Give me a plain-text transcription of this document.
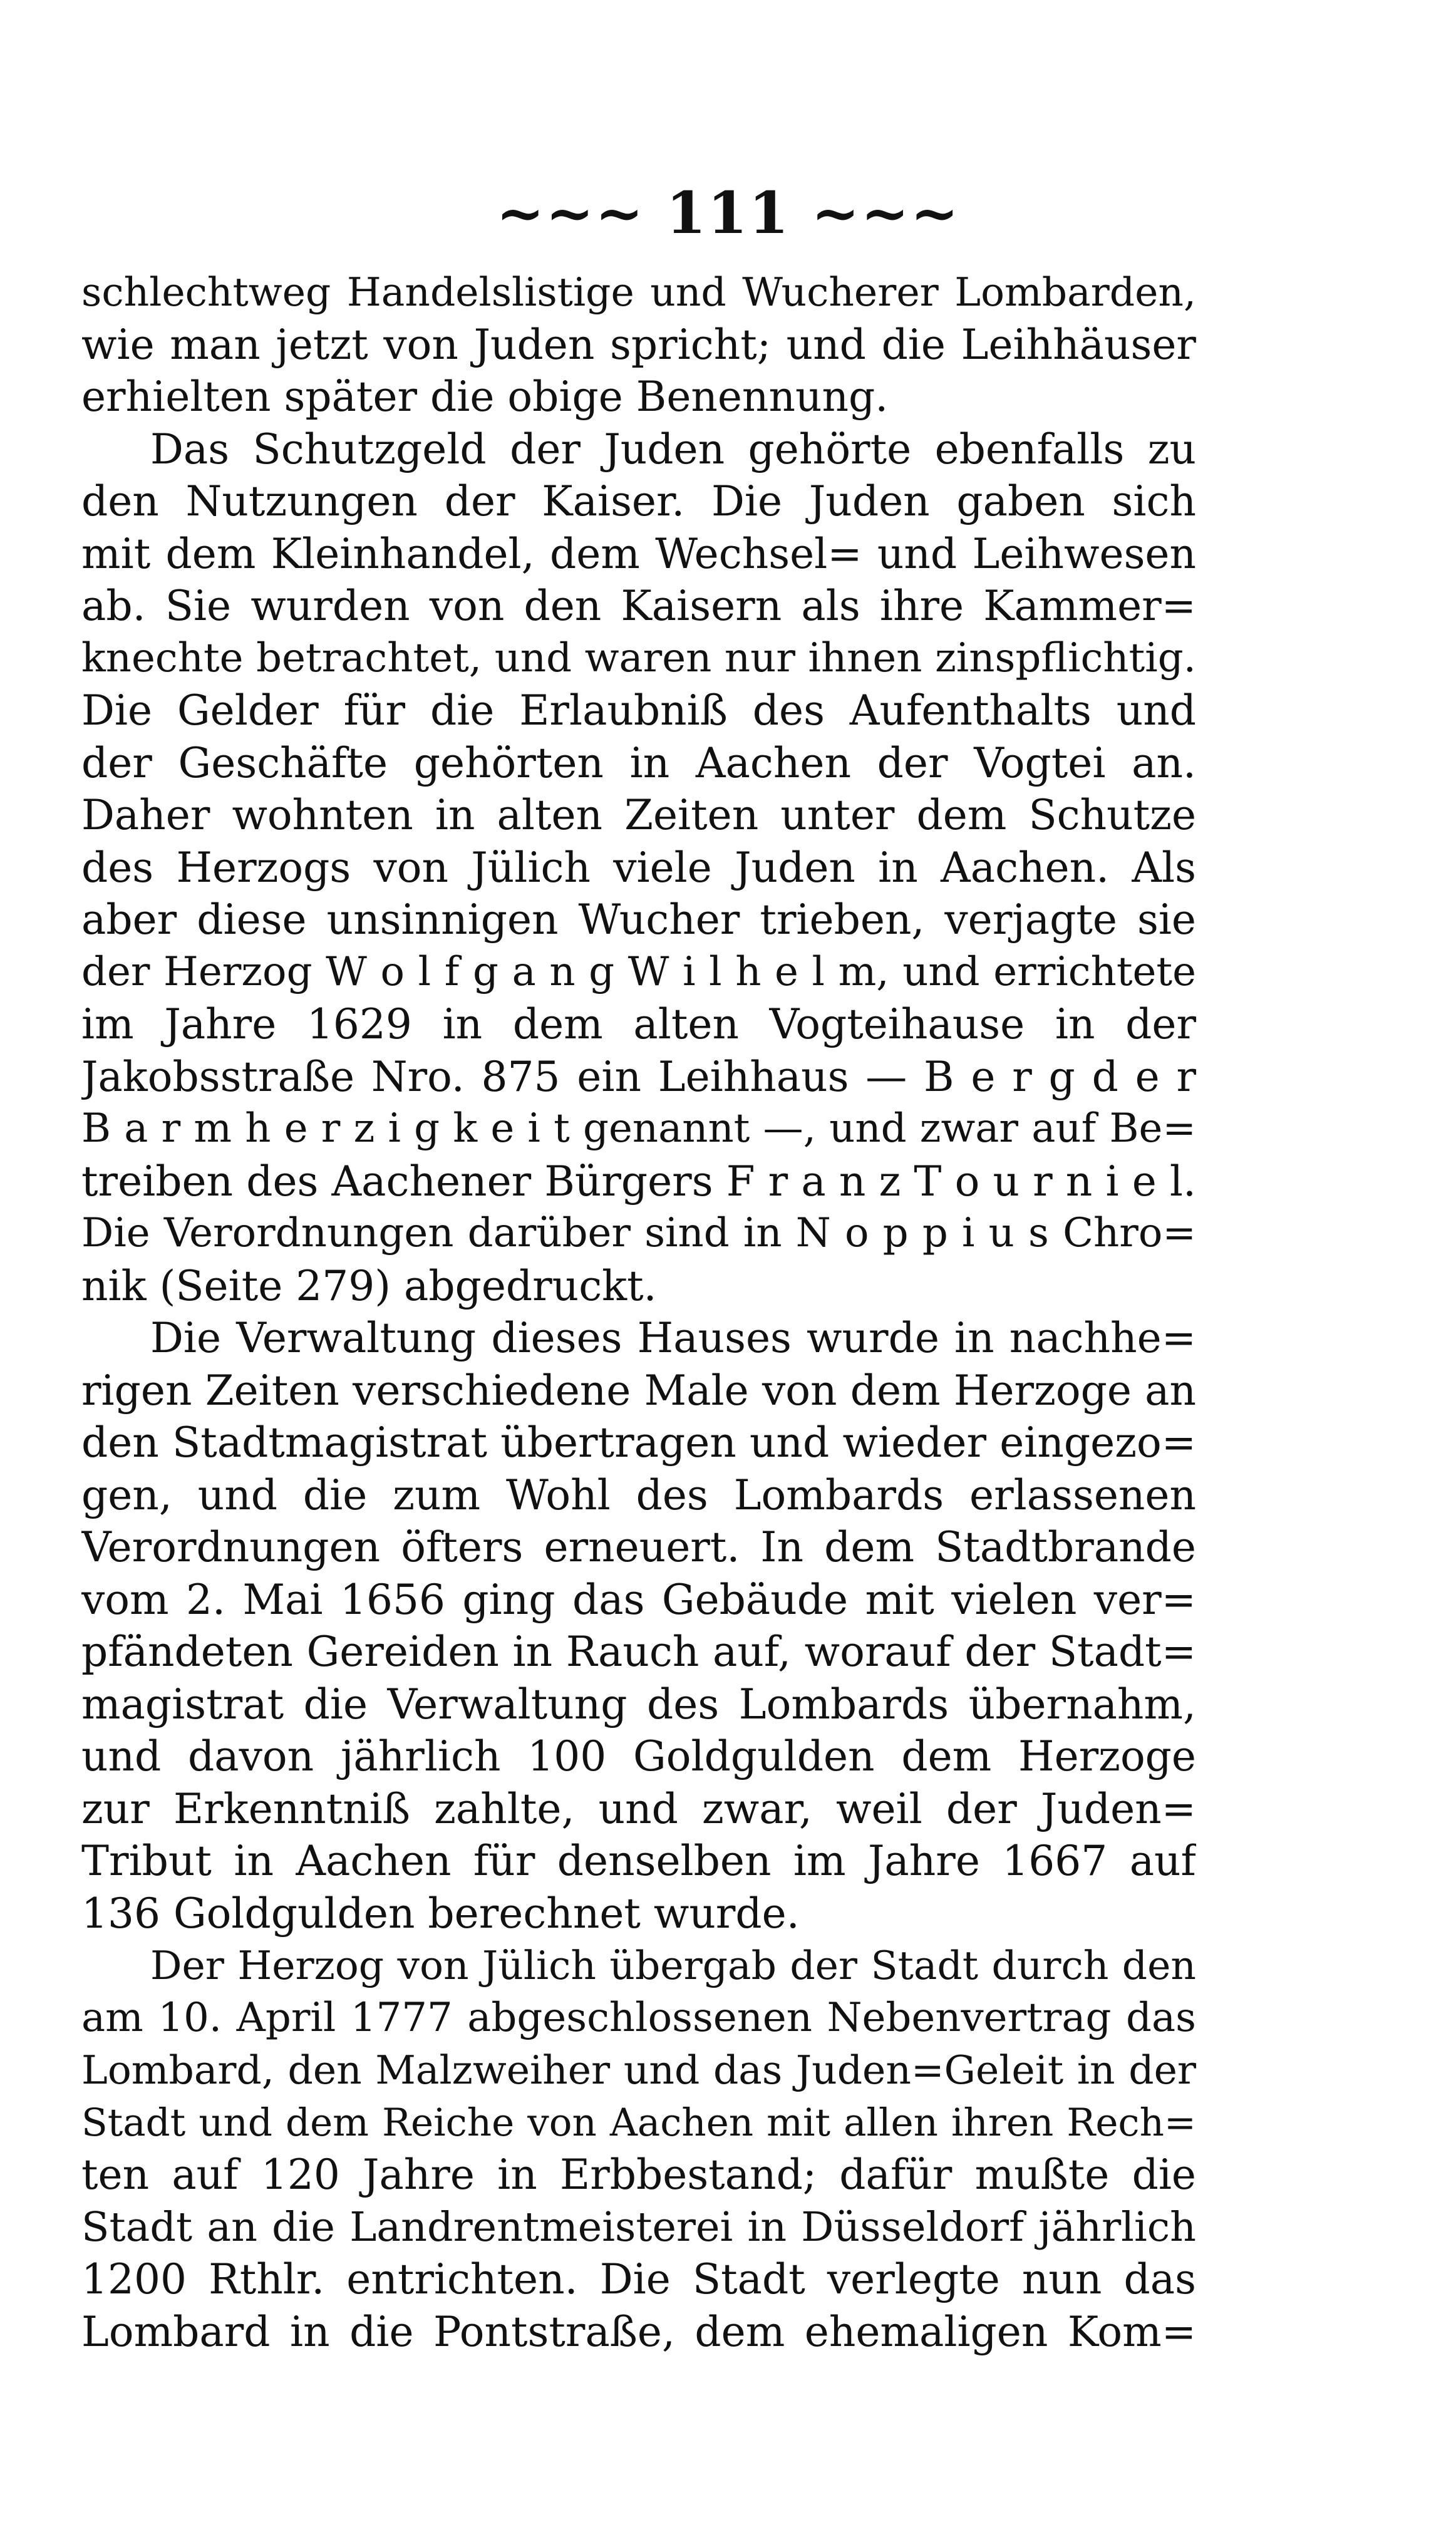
~~~ 111 ~~~
schlechtweg Handelslistige und Wucherer Lombarden,
wie man jetzt von Juden spricht; und die Leihhäuser
erhielten später die obige Benennung.
Das Schutzgeld der Juden gehörte ebenfalls zu
den Nutzungen der Kaiser. Die Juden gaben sich
mit dem Kleinhandel, dem Wechsel= und Leihwesen
ab. Sie wurden von den Kaisern als ihre Kammer=
knechte betrachtet, und waren nur ihnen zinspflichtig.
Die Gelder für die Erlaubniß des Aufenthalts und
der Geschäfte gehörten in Aachen der Vogtei an.
Daher wohnten in alten Zeiten unter dem Schutze
des Herzogs von Jülich viele Juden in Aachen. Als
aber diese unsinnigen Wucher trieben, verjagte sie
der Herzog W o l f g a n g W i l h e l m, und errichtete
im Jahre 1629 in dem alten Vogteihause in der
Jakobsstraße Nro. 875 ein Leihhaus — B e r g d e r
B a r m h e r z i g k e i t genannt —, und zwar auf Be=
treiben des Aachener Bürgers F r a n z T o u r n i e l.
Die Verordnungen darüber sind in N o p p i u s Chro=
nik (Seite 279) abgedruckt.
Die Verwaltung dieses Hauses wurde in nachhe=
rigen Zeiten verschiedene Male von dem Herzoge an
den Stadtmagistrat übertragen und wieder eingezo=
gen, und die zum Wohl des Lombards erlassenen
Verordnungen öfters erneuert. In dem Stadtbrande
vom 2. Mai 1656 ging das Gebäude mit vielen ver=
pfändeten Gereiden in Rauch auf, worauf der Stadt=
magistrat die Verwaltung des Lombards übernahm,
und davon jährlich 100 Goldgulden dem Herzoge
zur Erkenntniß zahlte, und zwar, weil der Juden=
Tribut in Aachen für denselben im Jahre 1667 auf
136 Goldgulden berechnet wurde.
Der Herzog von Jülich übergab der Stadt durch den
am 10. April 1777 abgeschlossenen Nebenvertrag das
Lombard, den Malzweiher und das Juden=Geleit in der
Stadt und dem Reiche von Aachen mit allen ihren Rech=
ten auf 120 Jahre in Erbbestand; dafür mußte die
Stadt an die Landrentmeisterei in Düsseldorf jährlich
1200 Rthlr. entrichten. Die Stadt verlegte nun das
Lombard in die Pontstraße, dem ehemaligen Kom=
